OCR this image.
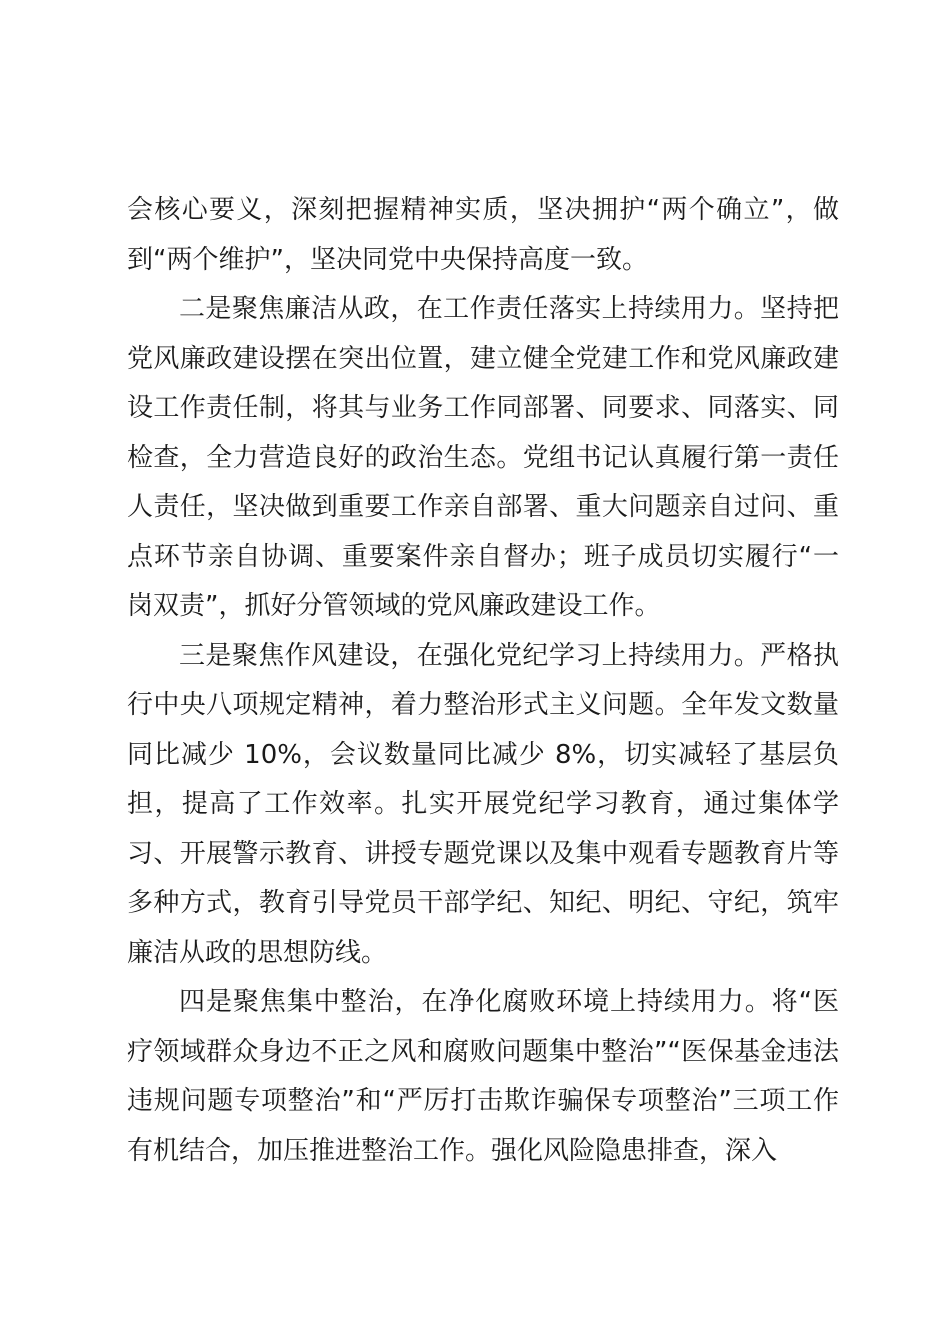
会核心要义，深刻把握精神实质，坚决拥护“两个确立”，做到“两个维护”，坚决同党中央保持高度一致。

二是聚焦廉洁从政，在工作责任落实上持续用力。坚持把党风廉政建设摆在突出位置，建立健全党建工作和党风廉政建设工作责任制，将其与业务工作同部署、同要求、同落实、同检查，全力营造良好的政治生态。党组书记认真履行第一责任人责任，坚决做到重要工作亲自部署、重大问题亲自过问、重点环节亲自协调、重要案件亲自督办；班子成员切实履行“一岗双责”，抓好分管领域的党风廉政建设工作。

三是聚焦作风建设，在强化党纪学习上持续用力。严格执行中央八项规定精神，着力整治形式主义问题。全年发文数量同比减少 10%，会议数量同比减少 8%，切实减轻了基层负担，提高了工作效率。扎实开展党纪学习教育，通过集体学习、开展警示教育、讲授专题党课以及集中观看专题教育片等多种方式，教育引导党员干部学纪、知纪、明纪、守纪，筑牢廉洁从政的思想防线。

四是聚焦集中整治，在净化腐败环境上持续用力。将“医疗领域群众身边不正之风和腐败问题集中整治”“医保基金违法违规问题专项整治”和“严厉打击欺诈骗保专项整治”三项工作有机结合，加压推进整治工作。强化风险隐患排查，深入
